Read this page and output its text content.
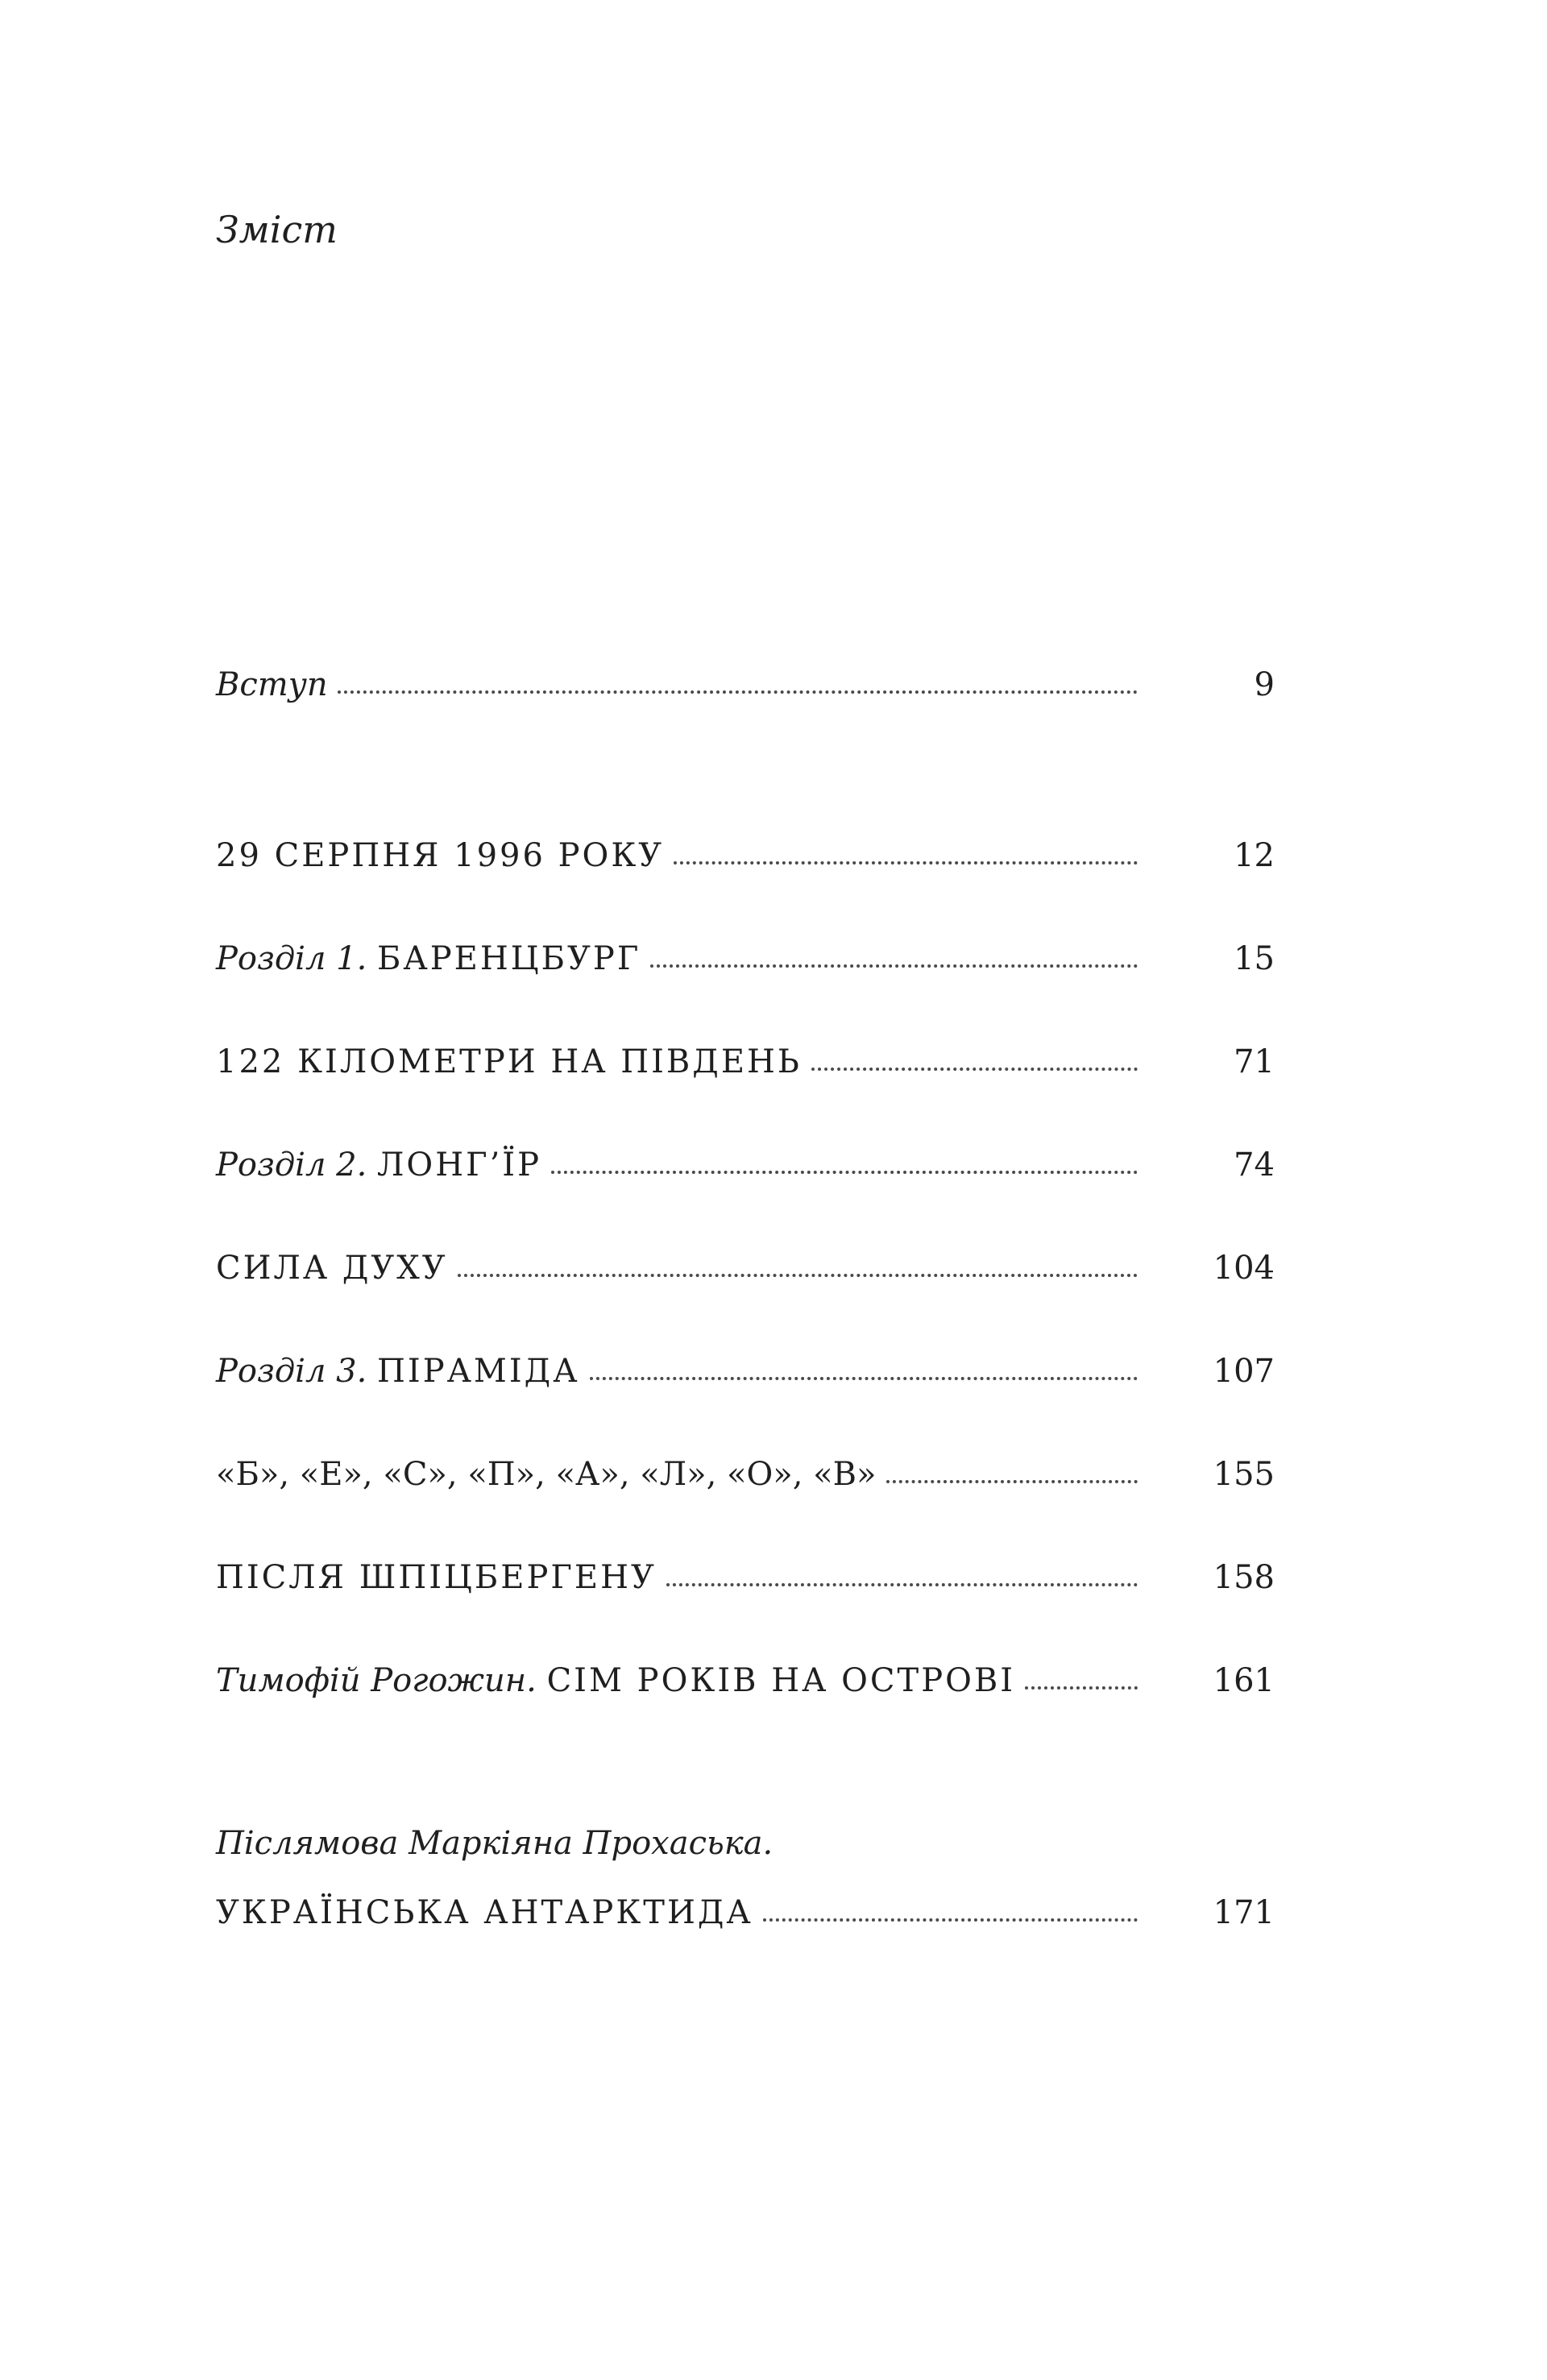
Зміст
Вступ	9
29 СЕРПНЯ 1996 РОКУ	12
Розділ 1. БАРЕНЦБУРГ	15
122 КІЛОМЕТРИ НА ПІВДЕНЬ	71
Розділ 2. ЛОНГ’ЇР	74
СИЛА ДУХУ	104
Розділ 3. ПІРАМІДА	107
«Б», «Е», «С», «П», «А», «Л», «О», «В»	155
ПІСЛЯ ШПІЦБЕРГЕНУ	158
Тимофій Рогожин. СІМ РОКІВ НА ОСТРОВІ	161
Післямова Маркіяна Прохаська.
УКРАЇНСЬКА АНТАРКТИДА	171
